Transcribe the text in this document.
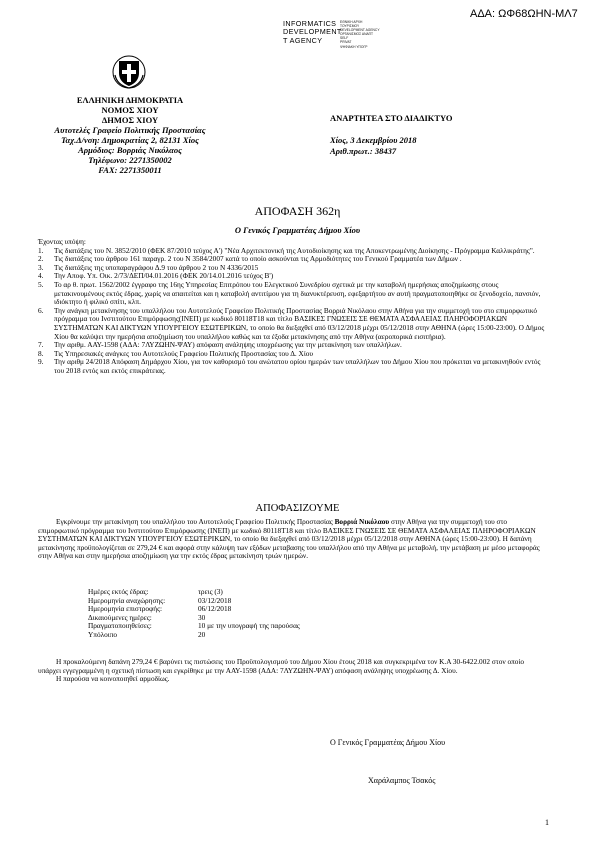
ΑΔΑ: ΩΦ68ΩΗΝ-ΜΛ7
INFORMATICS
DEVELOPMENT
T AGENCY
ΕΘΝΙΚΗ ΑΡΧΗ
ΤΟΥΡΙΣΜΟΥ
DEVELOPMENT AGENCY
ΟΡΓΑΝΙΣΜΟΣ ΑΝΑΠΤ
SELF
PRIVAT
ΨΗΦΙΑΚΗ ΥΠΟΓΡ
ΕΛΛΗΝΙΚΗ ΔΗΜΟΚΡΑΤΙΑ
ΝΟΜΟΣ ΧΙΟΥ
ΔΗΜΟΣ ΧΙΟΥ
Αυτοτελές Γραφείο Πολιτικής Προστασίας
Ταχ.Δ/νση: Δημοκρατίας 2, 82131 Χίος
Αρμόδιος: Βορριάς Νικόλαος
Τηλέφωνο: 2271350002
FAX: 2271350011
ΑΝΑΡΤΗΤΕΑ ΣΤΟ ΔΙΑΔΙΚΤΥΟ
Χίος, 3 Δεκεμβρίου 2018
Αριθ.πρωτ.: 38437
ΑΠΟΦΑΣΗ 362η
Ο Γενικός Γραμματέας Δήμου Χίου
Έχοντας υπόψη:
1.	Τις διατάξεις του Ν. 3852/2010 (ΦΕΚ 87/2010 τεύχος Α') "Νέα Αρχιτεκτονική της Αυτοδιοίκησης και της Αποκεντρωμένης Διοίκησης - Πρόγραμμα Καλλικράτης".
2.	Τις διατάξεις του άρθρου 161 παραγρ. 2 του Ν 3584/2007 κατά το οποίο ασκούνται τις Αρμοδιότητες του Γενικού Γραμματέα των Δήμων .
3.	Τις διατάξεις της υποπαραγράφου Δ.9 του άρθρου 2 του Ν 4336/2015
4.	Την Αποφ. Υπ. Οικ. 2/73/ΔΕΠ/04.01.2016 (ΦΕΚ 20/14.01.2016 τεύχος Β')
5.	Το αρ θ. πρωτ. 1562/2002 έγγραφο της 16ης Υπηρεσίας Επιτρόπου του Ελεγκτικού Συνεδρίου σχετικά με την καταβολή ημερήσιας αποζημίωσης στους μετακινουμένους εκτός έδρας, χωρίς να απαιτείται και η καταβολή αντιτίμου για τη διανυκτέρευση, εφεξαρτήτου αν αυτή πραγματοποιηθήκε σε ξενοδοχείο, πανσιόν, ιδιόκτητο ή φιλικό σπίτι, κλπ.
6.	Την ανάγκη μετακίνησης του υπαλλήλου του Αυτοτελούς Γραφείου Πολιτικής Προστασίας Βορριά Νικόλαου στην Αθήνα για την συμμετοχή του στο επιμορφωτικό πρόγραμμα του Ινστιτούτου Επιμόρφωσης(ΙΝΕΠ) με κωδικό 80118Τ18 και τίτλο ΒΑΣΙΚΕΣ ΓΝΩΣΕΙΣ ΣΕ ΘΕΜΑΤΑ ΑΣΦΑΛΕΙΑΣ ΠΛΗΡΟΦΟΡΙΑΚΩΝ ΣΥΣΤΗΜΑΤΩΝ ΚΑΙ ΔΙΚΤΥΩΝ ΥΠΟΥΡΓΕΙΟΥ ΕΣΩΤΕΡΙΚΩΝ, το οποίο θα διεξαχθεί από 03/12/2018 μέχρι 05/12/2018 στην ΑΘΗΝΑ (ώρες 15:00-23:00). Ο Δήμος Χίου θα καλύψει την ημερήσια αποζημίωση του υπαλλήλου καθώς και τα έξοδα μετακίνησης από την Αθήνα (αεροπορικά εισιτήρια).
7.	Την αριθμ. ΑΑΥ-1598 (ΑΔΑ: 7ΛΥΖΩΗΝ-ΨΑΥ) απόφαση ανάληψης υποχρέωσης για την μετακίνηση των υπαλλήλων.
8.	Τις Υπηρεσιακές ανάγκες του Αυτοτελούς Γραφείου Πολιτικής Προστασίας του Δ. Χίου
9.	Την αριθμ 24/2018 Απόφαση Δημάρχου Χίου, για τον καθορισμό του ανώτατου ορίου ημερών των υπαλλήλων του Δήμου Χίου που πρόκειται να μετακινηθούν εντός του 2018 εντός και εκτός επικράτειας.
ΑΠΟΦΑΣΙΖΟΥΜΕ

Εγκρίνουμε την μετακίνηση του υπαλλήλου του Αυτοτελούς Γραφείου Πολιτικής Προστασίας Βορριά Νικόλαου στην Αθήνα για την συμμετοχή του στο επιμορφωτικό πρόγραμμα του Ινστιτούτου Επιμόρφωσης (ΙΝΕΠ) με κωδικό 80118Τ18 και τίτλο ΒΑΣΙΚΕΣ ΓΝΩΣΕΙΣ ΣΕ ΘΕΜΑΤΑ ΑΣΦΑΛΕΙΑΣ ΠΛΗΡΟΦΟΡΙΑΚΩΝ ΣΥΣΤΗΜΑΤΩΝ ΚΑΙ ΔΙΚΤΥΩΝ ΥΠΟΥΡΓΕΙΟΥ ΕΣΩΤΕΡΙΚΩΝ, το οποίο θα διεξαχθεί από 03/12/2018 μέχρι 05/12/2018 στην ΑΘΗΝΑ (ώρες 15:00-23:00). Η δαπάνη μετακίνησης προϋπολογίζεται σε 279,24 € και αφορά στην κάλυψη των εξόδων μεταβασης του υπαλλήλου από την Αθήνα με μεταβολή, την μετάβαση με μέσο μεταφοράς στην Αθήνα και στην ημερήσια αποζημίωση για την εκτός έδρας μετακίνηση τριών ημερών.

Ημέρες εκτός έδρας:	τρεις (3)
Ημερομηνία αναχώρησης:	03/12/2018
Ημερομηνία επιστροφής:	06/12/2018
Δικαιούμενες ημέρες:	30
Πραγματοποιηθείσες:	10 με την υπογραφή της παρούσας
Υπόλοιπο	20

Η προκαλούμενη δαπάνη 279,24 € βαρύνει τις πιστώσεις του Προϋπολογισμού του Δήμου Χίου έτους 2018 και συγκεκριμένα τον Κ.Α 30-6422.002 στον οποίο υπάρχει εγγεγραμμένη η σχετική πίστωση και εγκρίθηκε με την ΑΑΥ-1598 (ΑΔΑ: 7ΛΥΖΩΗΝ-ΨΑΥ) απόφαση ανάληψης υποχρέωσης Δ. Χίου.

Η παρούσα να κοινοποιηθεί αρμοδίως.

Ο Γενικός Γραμματέας Δήμου Χίου
Χαράλαμπος Τσακός
1
